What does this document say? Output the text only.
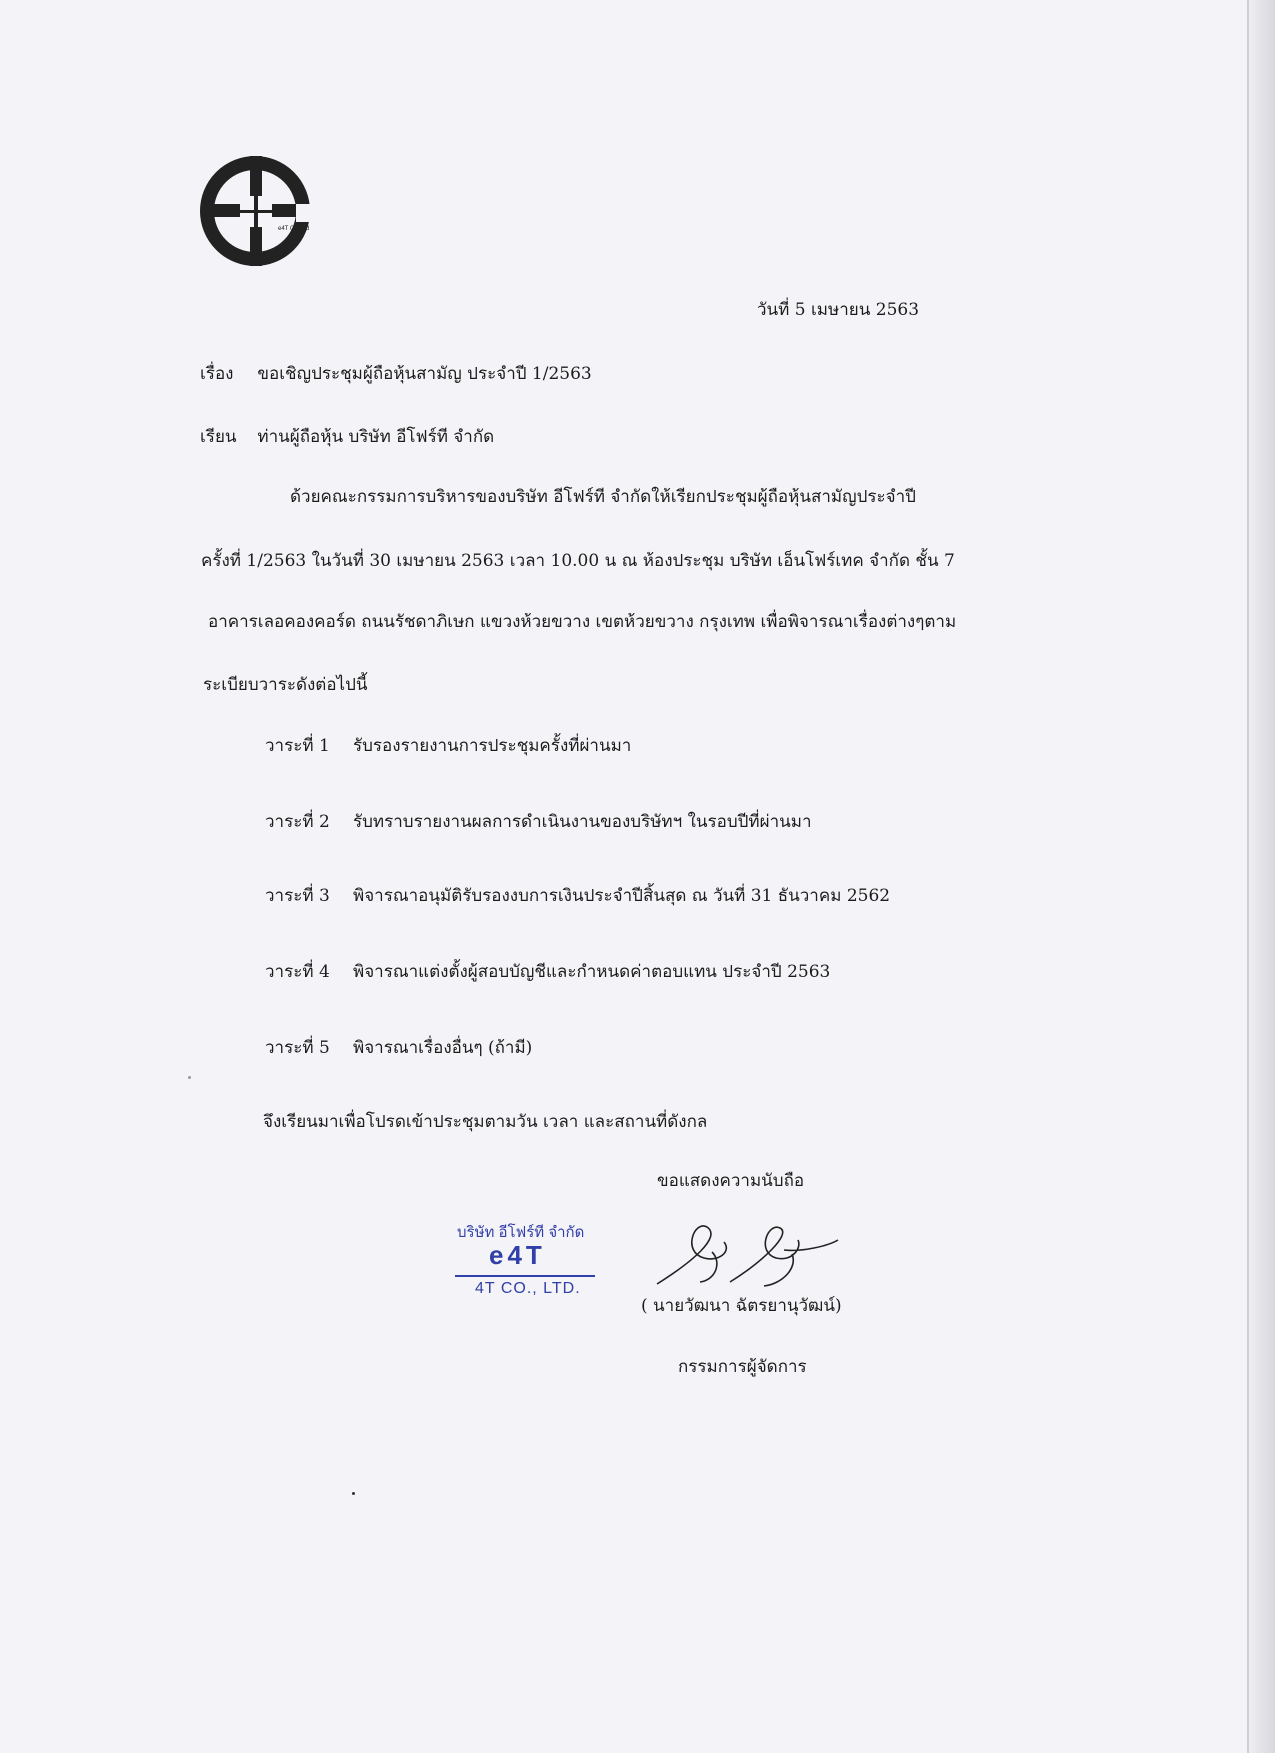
e4T Co.,Ltd
วันที่ 5 เมษายน 2563
เรื่อง ขอเชิญประชุมผู้ถือหุ้นสามัญ ประจำปี 1/2563
เรียน ท่านผู้ถือหุ้น บริษัท อีโฟร์ที จำกัด
ด้วยคณะกรรมการบริหารของบริษัท อีโฟร์ที จำกัดให้เรียกประชุมผู้ถือหุ้นสามัญประจำปี
ครั้งที่ 1/2563 ในวันที่ 30 เมษายน 2563 เวลา 10.00 น ณ ห้องประชุม บริษัท เอ็นโฟร์เทค จำกัด ชั้น 7
อาคารเลอคองคอร์ด ถนนรัชดาภิเษก แขวงห้วยขวาง เขตห้วยขวาง กรุงเทพ เพื่อพิจารณาเรื่องต่างๆตาม
ระเบียบวาระดังต่อไปนี้
วาระที่ 1 รับรองรายงานการประชุมครั้งที่ผ่านมา
วาระที่ 2 รับทราบรายงานผลการดำเนินงานของบริษัทฯ ในรอบปีที่ผ่านมา
วาระที่ 3 พิจารณาอนุมัติรับรองงบการเงินประจำปีสิ้นสุด ณ วันที่ 31 ธันวาคม 2562
วาระที่ 4 พิจารณาแต่งตั้งผู้สอบบัญชีและกำหนดค่าตอบแทน ประจำปี 2563
วาระที่ 5 พิจารณาเรื่องอื่นๆ (ถ้ามี)
จึงเรียนมาเพื่อโปรดเข้าประชุมตามวัน เวลา และสถานที่ดังกล
ขอแสดงความนับถือ
บริษัท อีโฟร์ที จำกัด
e4T
4T CO., LTD.
( นายวัฒนา ฉัตรยานุวัฒน์)
กรรมการผู้จัดการ
